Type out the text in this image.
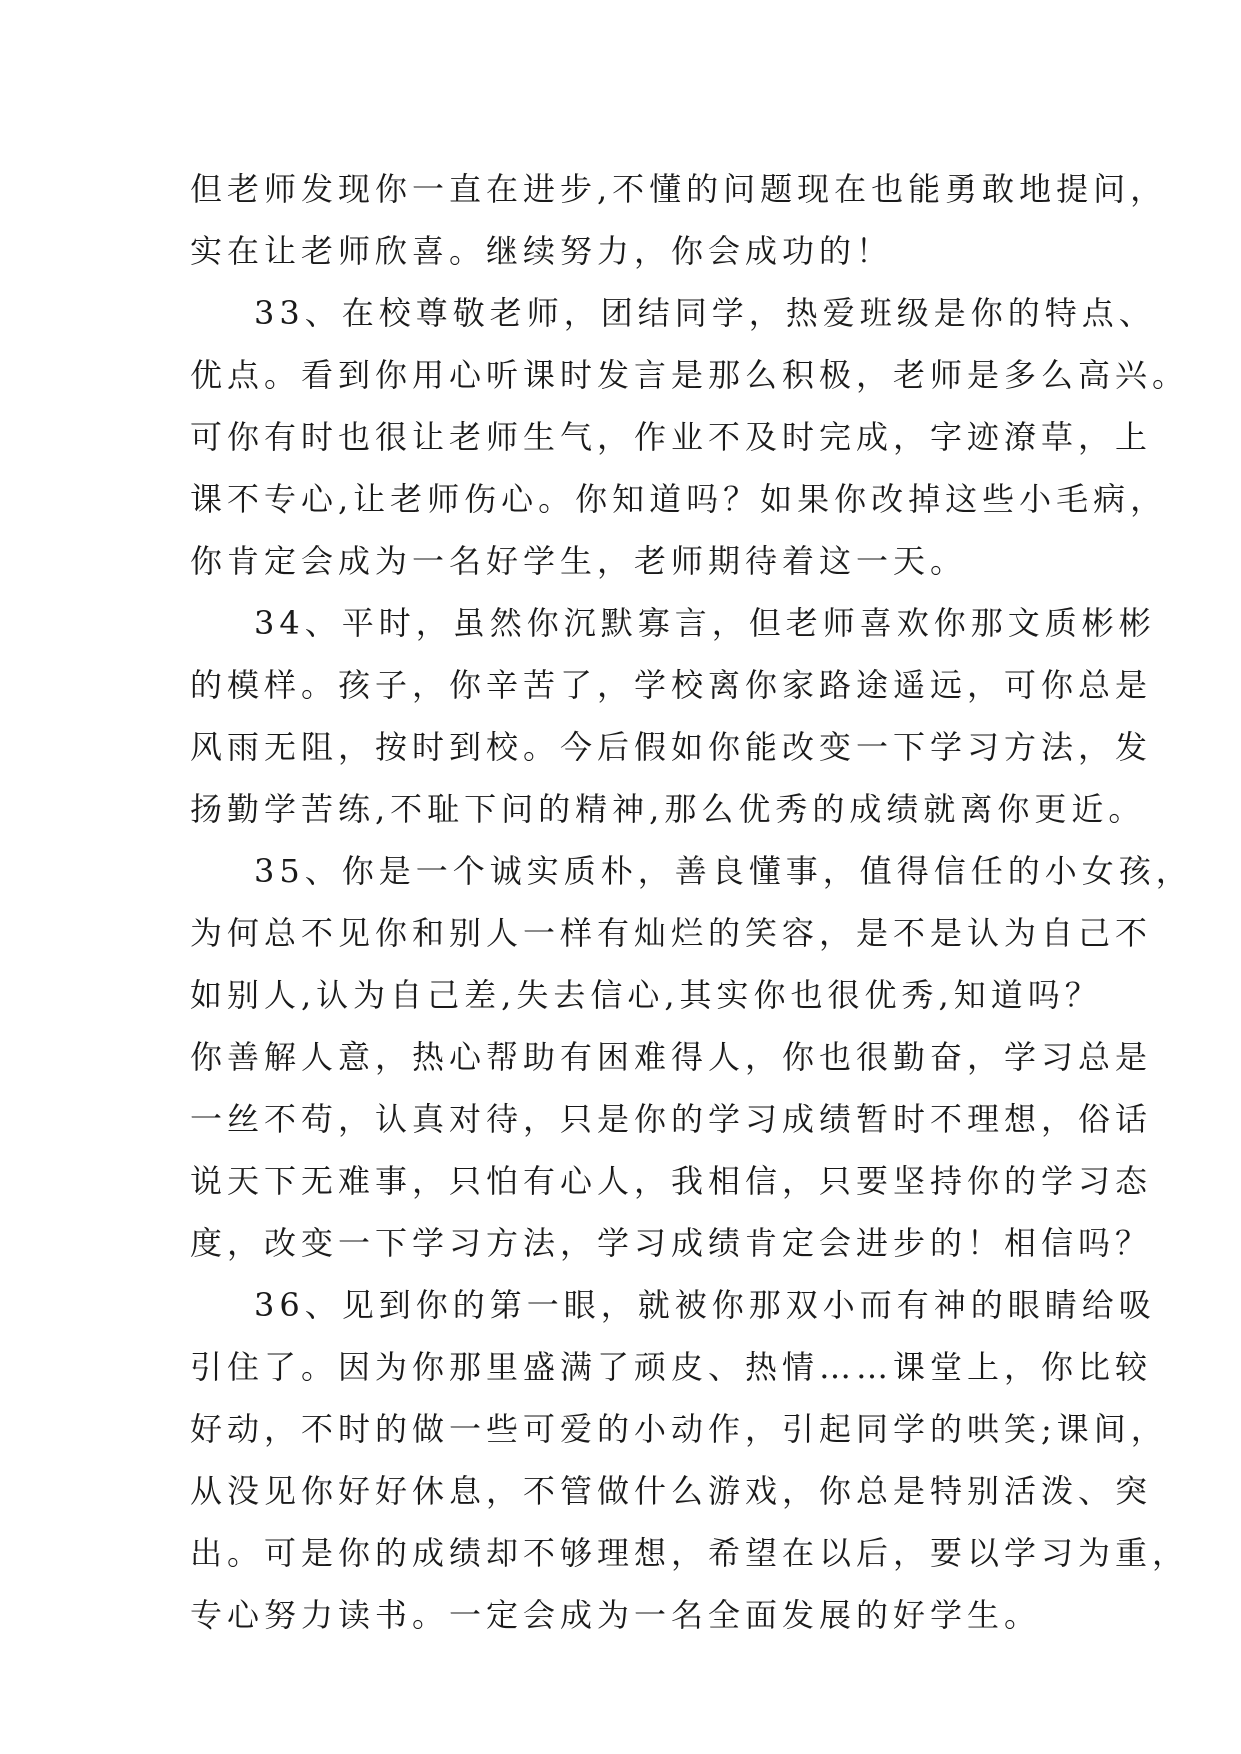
但老师发现你一直在进步,不懂的问题现在也能勇敢地提问，
实在让老师欣喜。继续努力，你会成功的！
33、在校尊敬老师，团结同学，热爱班级是你的特点、
优点。看到你用心听课时发言是那么积极，老师是多么高兴。
可你有时也很让老师生气，作业不及时完成，字迹潦草，上
课不专心,让老师伤心。你知道吗？如果你改掉这些小毛病，
你肯定会成为一名好学生，老师期待着这一天。
34、平时，虽然你沉默寡言，但老师喜欢你那文质彬彬
的模样。孩子，你辛苦了，学校离你家路途遥远，可你总是
风雨无阻，按时到校。今后假如你能改变一下学习方法，发
扬勤学苦练,不耻下问的精神,那么优秀的成绩就离你更近。
35、你是一个诚实质朴，善良懂事，值得信任的小女孩，
为何总不见你和别人一样有灿烂的笑容，是不是认为自己不
如别人,认为自己差,失去信心,其实你也很优秀,知道吗？
你善解人意，热心帮助有困难得人，你也很勤奋，学习总是
一丝不苟，认真对待，只是你的学习成绩暂时不理想，俗话
说天下无难事，只怕有心人，我相信，只要坚持你的学习态
度，改变一下学习方法，学习成绩肯定会进步的！相信吗？
36、见到你的第一眼，就被你那双小而有神的眼睛给吸
引住了。因为你那里盛满了顽皮、热情……课堂上，你比较
好动，不时的做一些可爱的小动作，引起同学的哄笑;课间，
从没见你好好休息，不管做什么游戏，你总是特别活泼、突
出。可是你的成绩却不够理想，希望在以后，要以学习为重，
专心努力读书。一定会成为一名全面发展的好学生。
